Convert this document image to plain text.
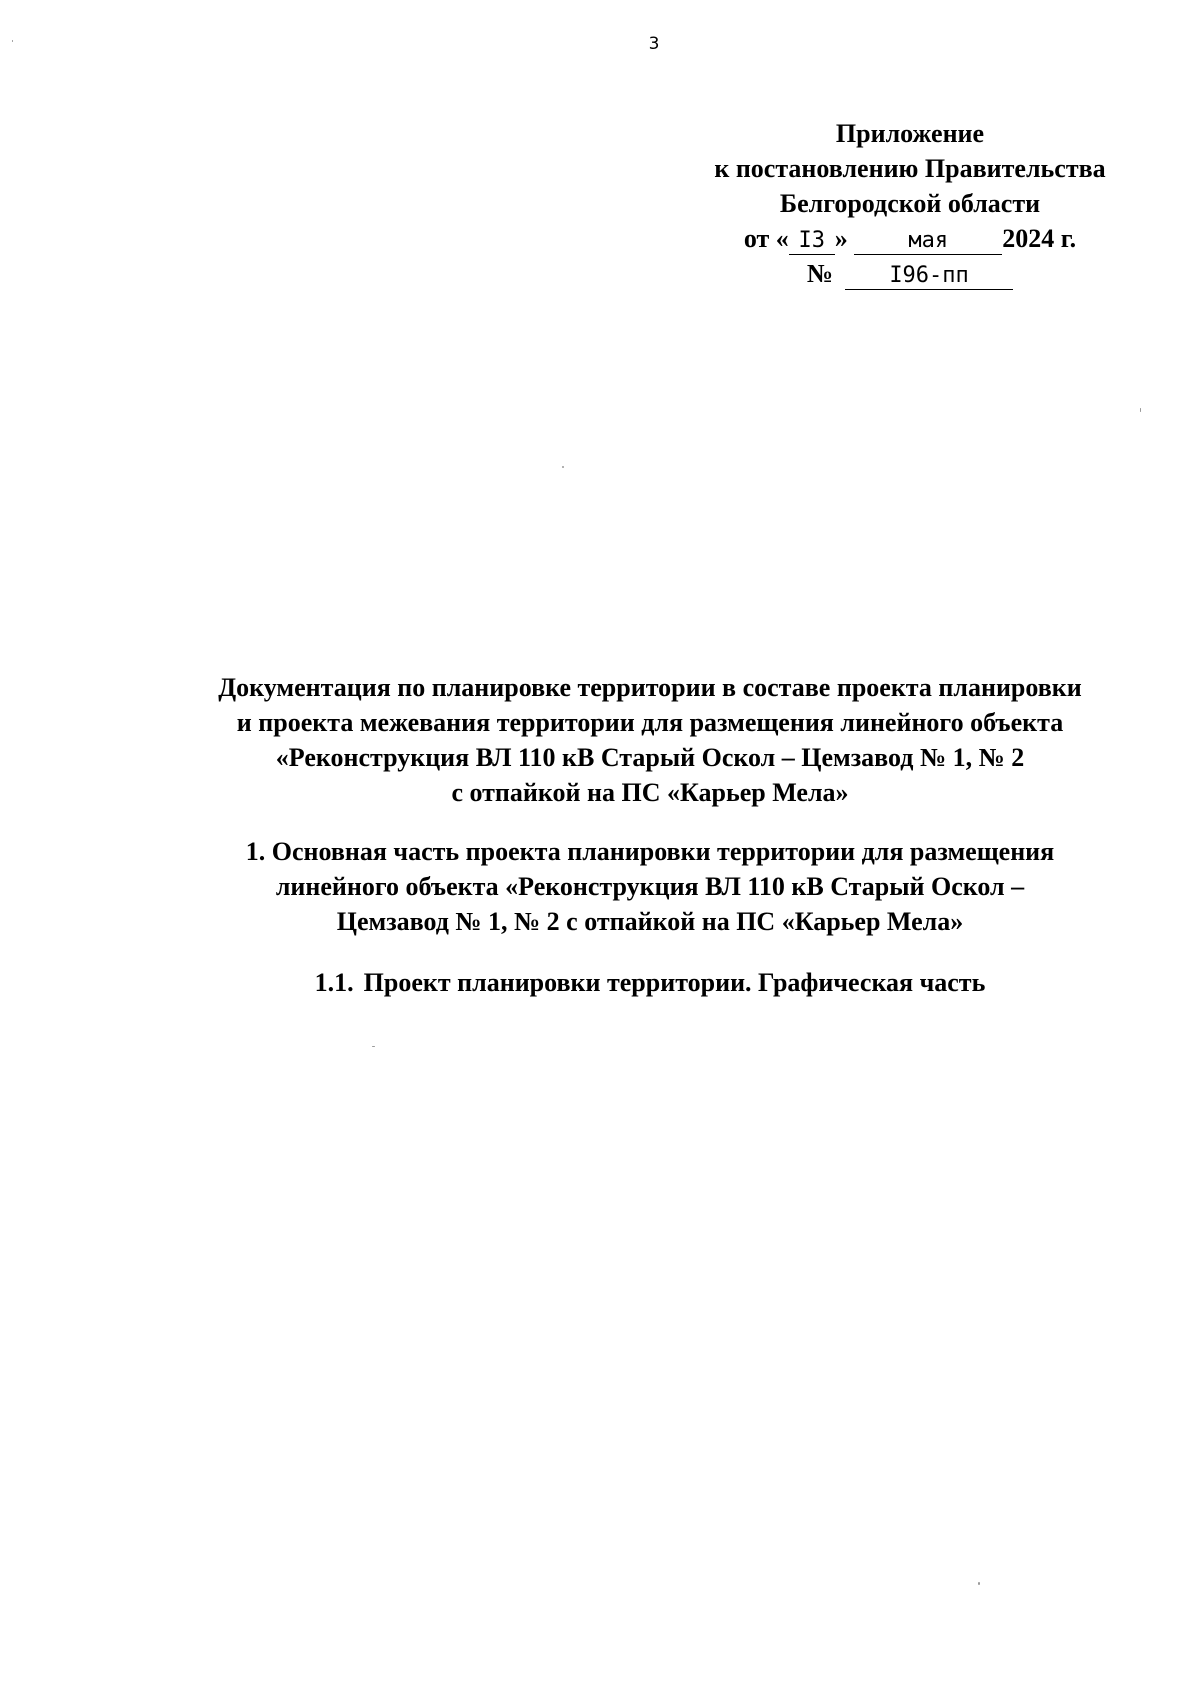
3
Приложение
к постановлению Правительства
Белгородской области
от « I3 »	мая 2024 г.
№	I96-пп
Документация по планировке территории в составе проекта планировки
и проекта межевания территории для размещения линейного объекта
«Реконструкция ВЛ 110 кВ Старый Оскол – Цемзавод № 1, № 2
с отпайкой на ПС «Карьер Мела»
1. Основная часть проекта планировки территории для размещения
линейного объекта «Реконструкция ВЛ 110 кВ Старый Оскол –
Цемзавод № 1, № 2 с отпайкой на ПС «Карьер Мела»
1.1. Проект планировки территории. Графическая часть
